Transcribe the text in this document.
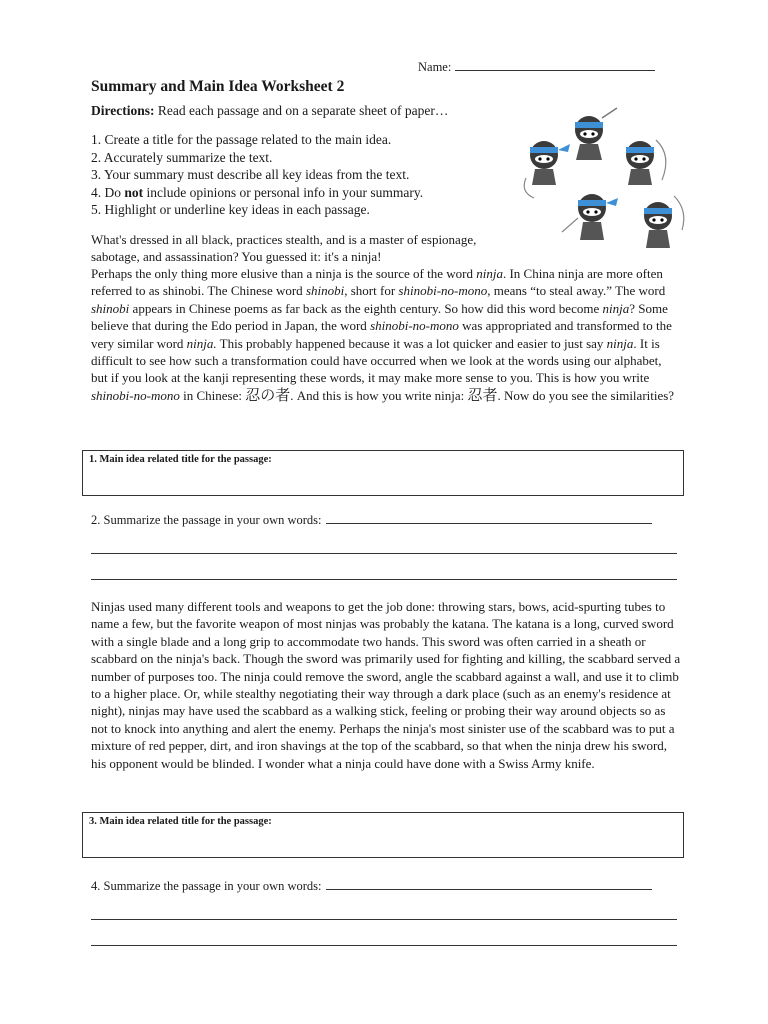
Name:
Summary and Main Idea Worksheet 2
Directions: Read each passage and on a separate sheet of paper…
1. Create a title for the passage related to the main idea.
2. Accurately summarize the text.
3. Your summary must describe all key ideas from the text.
4. Do not include opinions or personal info in your summary.
5. Highlight or underline key ideas in each passage.

What's dressed in all black, practices stealth, and is a master of espionage, sabotage, and assassination? You guessed it: it's a ninja!

Perhaps the only thing more elusive than a ninja is the source of the word ninja. In China ninja are more often referred to as shinobi. The Chinese word shinobi, short for shinobi-no-mono, means “to steal away.” The word shinobi appears in Chinese poems as far back as the eighth century. So how did this word become ninja? Some believe that during the Edo period in Japan, the word shinobi-no-mono was appropriated and transformed to the very similar word ninja. This probably happened because it was a lot quicker and easier to just say ninja. It is difficult to see how such a transformation could have occurred when we look at the words using our alphabet, but if you look at the kanji representing these words, it may make more sense to you. This is how you write shinobi-no-mono in Chinese: 忍の者. And this is how you write ninja: 忍者. Now do you see the similarities?

1. Main idea related title for the passage:
2. Summarize the passage in your own words:

Ninjas used many different tools and weapons to get the job done: throwing stars, bows, acid-spurting tubes to name a few, but the favorite weapon of most ninjas was probably the katana. The katana is a long, curved sword with a single blade and a long grip to accommodate two hands. This sword was often carried in a sheath or scabbard on the ninja's back. Though the sword was primarily used for fighting and killing, the scabbard served a number of purposes too. The ninja could remove the sword, angle the scabbard against a wall, and use it to climb to a higher place. Or, while stealthy negotiating their way through a dark place (such as an enemy's residence at night), ninjas may have used the scabbard as a walking stick, feeling or probing their way around objects so as not to knock into anything and alert the enemy. Perhaps the ninja's most sinister use of the scabbard was to put a mixture of red pepper, dirt, and iron shavings at the top of the scabbard, so that when the ninja drew his sword, his opponent would be blinded. I wonder what a ninja could have done with a Swiss Army knife.

3. Main idea related title for the passage:
4. Summarize the passage in your own words:
